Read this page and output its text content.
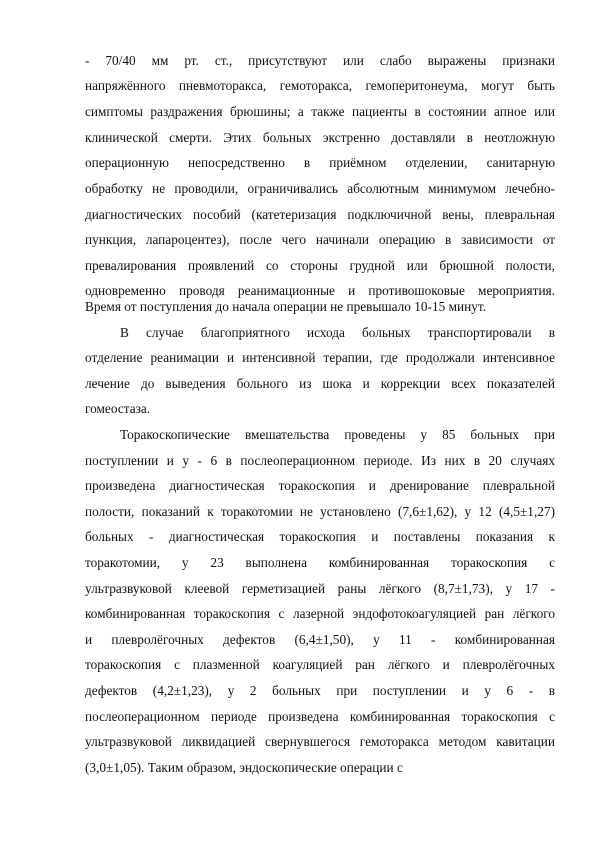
- 70/40 мм рт. ст., присутствуют или слабо выражены признаки
напряжённого пневмоторакса, гемоторакса, гемоперитонеума, могут быть
симптомы раздражения брюшины; а также пациенты в состоянии апное или
клинической смерти. Этих больных экстренно доставляли в неотложную
операционную непосредственно в приёмном отделении, санитарную
обработку не проводили, ограничивались абсолютным минимумом лечебно-
диагностических пособий (катетеризация подключичной вены, плевральная
пункция, лапароцентез), после чего начинали операцию в зависимости от
превалирования проявлений со стороны грудной или брюшной полости,
одновременно проводя реанимационные и противошоковые мероприятия.
Время от поступления до начала операции не превышало 10-15 минут.
В случае благоприятного исхода больных транспортировали в
отделение реанимации и интенсивной терапии, где продолжали интенсивное
лечение до выведения больного из шока и коррекции всех показателей
гомеостаза.
Торакоскопические вмешательства проведены у 85 больных при
поступлении и у - 6 в послеоперационном периоде. Из них в 20 случаях
произведена диагностическая торакоскопия и дренирование плевральной
полости, показаний к торакотомии не установлено (7,6±1,62), у 12 (4,5±1,27)
больных - диагностическая торакоскопия и поставлены показания к
торакотомии, у 23 выполнена комбинированная торакоскопия с
ультразвуковой клеевой герметизацией раны лёгкого (8,7±1,73), у 17 -
комбинированная торакоскопия с лазерной эндофотокоагуляцией ран лёгкого
и плевролёгочных дефектов (6,4±1,50), у 11 - комбинированная
торакоскопия с плазменной коагуляцией ран лёгкого и плевролёгочных
дефектов (4,2±1,23), у 2 больных при поступлении и у 6 - в
послеоперационном периоде произведена комбинированная торакоскопия с
ультразвуковой ликвидацией свернувшегося гемоторакса методом кавитации
(3,0±1,05). Таким образом, эндоскопические операции с
